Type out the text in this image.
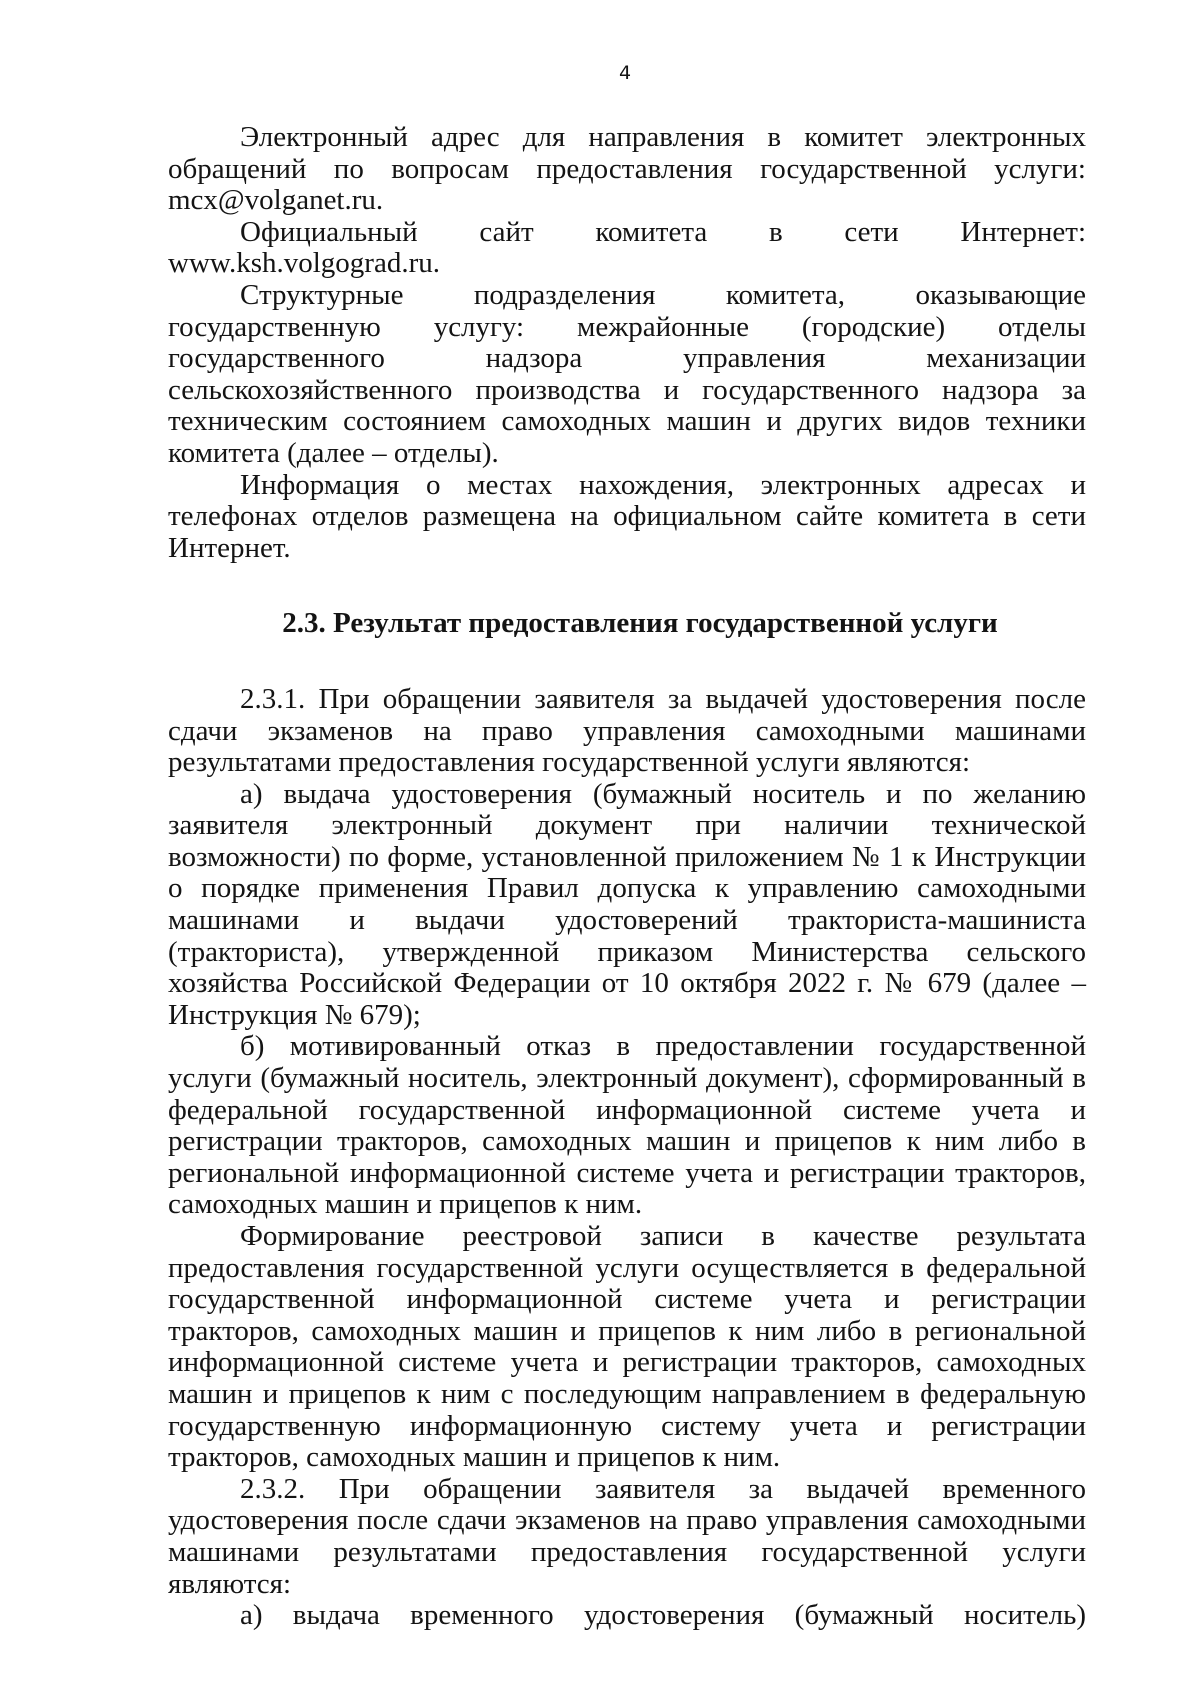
4

Электронный адрес для направления в комитет электронных обращений по вопросам предоставления государственной услуги: mcx@volganet.ru.

Официальный сайт комитета в сети Интернет: www.ksh.volgograd.ru.

Структурные подразделения комитета, оказывающие государственную услугу: межрайонные (городские) отделы государственного надзора управления механизации сельскохозяйственного производства и государственного надзора за техническим состоянием самоходных машин и других видов техники комитета (далее – отделы).

Информация о местах нахождения, электронных адресах и телефонах отделов размещена на официальном сайте комитета в сети Интернет.

2.3. Результат предоставления государственной услуги

2.3.1. При обращении заявителя за выдачей удостоверения после сдачи экзаменов на право управления самоходными машинами результатами предоставления государственной услуги являются:

а) выдача удостоверения (бумажный носитель и по желанию заявителя электронный документ при наличии технической возможности) по форме, установленной приложением № 1 к Инструкции о порядке применения Правил допуска к управлению самоходными машинами и выдачи удостоверений тракториста-машиниста (тракториста), утвержденной приказом Министерства сельского хозяйства Российской Федерации от 10 октября 2022 г. № 679 (далее – Инструкция № 679);

б) мотивированный отказ в предоставлении государственной услуги (бумажный носитель, электронный документ), сформированный в федеральной государственной информационной системе учета и регистрации тракторов, самоходных машин и прицепов к ним либо в региональной информационной системе учета и регистрации тракторов, самоходных машин и прицепов к ним.

Формирование реестровой записи в качестве результата предоставления государственной услуги осуществляется в федеральной государственной информационной системе учета и регистрации тракторов, самоходных машин и прицепов к ним либо в региональной информационной системе учета и регистрации тракторов, самоходных машин и прицепов к ним с последующим направлением в федеральную государственную информационную систему учета и регистрации тракторов, самоходных машин и прицепов к ним.

2.3.2. При обращении заявителя за выдачей временного удостоверения после сдачи экзаменов на право управления самоходными машинами результатами предоставления государственной услуги являются:

а) выдача временного удостоверения (бумажный носитель)
